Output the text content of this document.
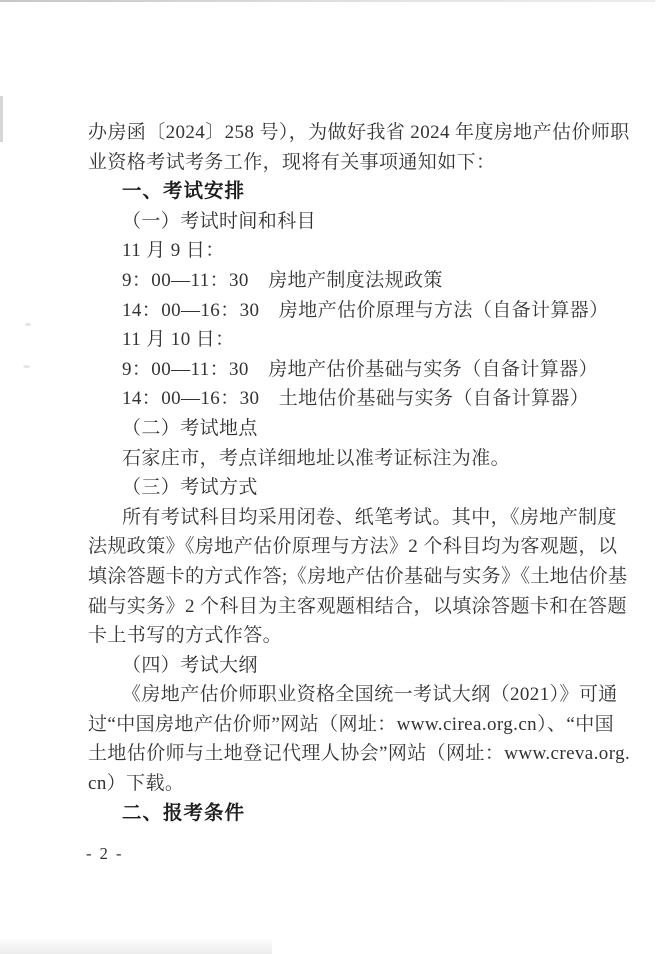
办房函〔2024〕258 号），为做好我省 2024 年度房地产估价师职

业资格考试考务工作，现将有关事项通知如下：

一、考试安排

（一）考试时间和科目

11 月 9 日：

9：00—11：30　房地产制度法规政策

14：00—16：30　房地产估价原理与方法（自备计算器）

11 月 10 日：

9：00—11：30　房地产估价基础与实务（自备计算器）

14：00—16：30　土地估价基础与实务（自备计算器）

（二）考试地点

石家庄市，考点详细地址以准考证标注为准。

（三）考试方式

所有考试科目均采用闭卷、纸笔考试。其中，《房地产制度

法规政策》《房地产估价原理与方法》2 个科目均为客观题，以

填涂答题卡的方式作答;《房地产估价基础与实务》《土地估价基

础与实务》2 个科目为主客观题相结合，以填涂答题卡和在答题

卡上书写的方式作答。

（四）考试大纲

《房地产估价师职业资格全国统一考试大纲（2021）》可通

过“中国房地产估价师”网站（网址：www.cirea.org.cn）、“中国

土地估价师与土地登记代理人协会”网站（网址：www.creva.org.

cn）下载。

二、报考条件

- 2 -
